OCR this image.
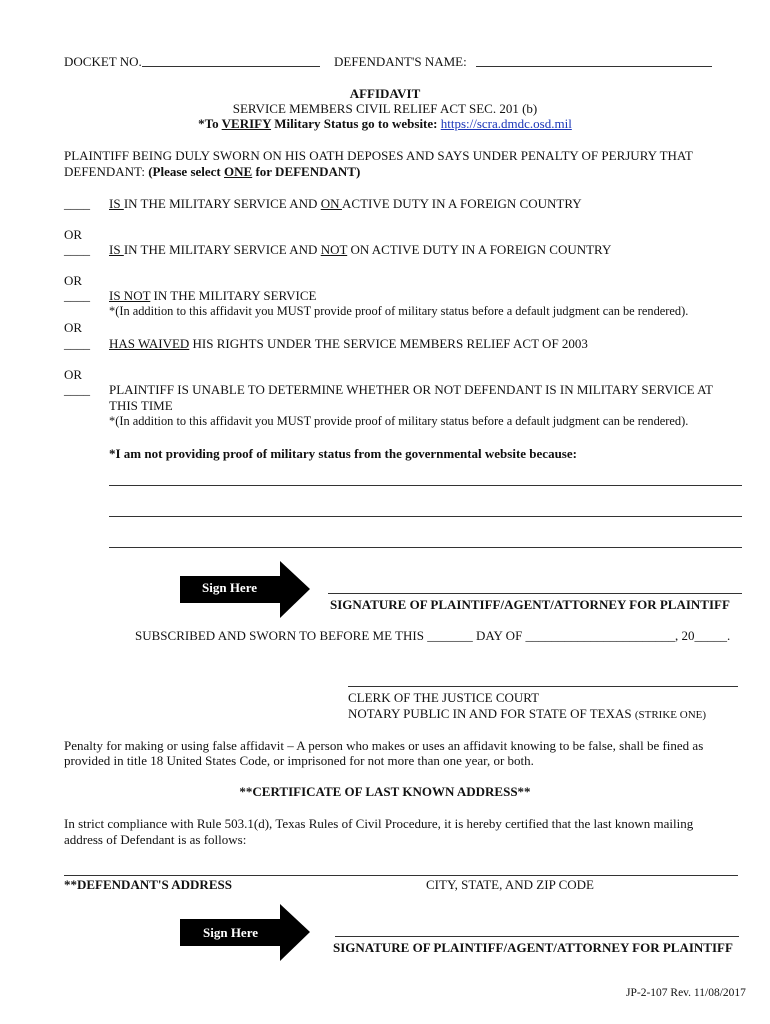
DOCKET NO.	DEFENDANT'S NAME:
AFFIDAVIT
SERVICE MEMBERS CIVIL RELIEF ACT SEC. 201 (b)
*To VERIFY Military Status go to website: https://scra.dmdc.osd.mil
PLAINTIFF BEING DULY SWORN ON HIS OATH DEPOSES AND SAYS UNDER PENALTY OF PERJURY THAT
DEFENDANT: (Please select ONE for DEFENDANT)
____ IS IN THE MILITARY SERVICE AND ON ACTIVE DUTY IN A FOREIGN COUNTRY
OR
____ IS IN THE MILITARY SERVICE AND NOT ON ACTIVE DUTY IN A FOREIGN COUNTRY
OR
____ IS NOT IN THE MILITARY SERVICE
*(In addition to this affidavit you MUST provide proof of military status before a default judgment can be rendered).
OR
____ HAS WAIVED HIS RIGHTS UNDER THE SERVICE MEMBERS RELIEF ACT OF 2003
OR
____ PLAINTIFF IS UNABLE TO DETERMINE WHETHER OR NOT DEFENDANT IS IN MILITARY SERVICE AT
THIS TIME
*(In addition to this affidavit you MUST provide proof of military status before a default judgment can be rendered).
*I am not providing proof of military status from the governmental website because:
Sign Here
SIGNATURE OF PLAINTIFF/AGENT/ATTORNEY FOR PLAINTIFF
SUBSCRIBED AND SWORN TO BEFORE ME THIS _______ DAY OF _______________________, 20_____.
CLERK OF THE JUSTICE COURT
NOTARY PUBLIC IN AND FOR STATE OF TEXAS (STRIKE ONE)
Penalty for making or using false affidavit – A person who makes or uses an affidavit knowing to be false, shall be fined as
provided in title 18 United States Code, or imprisoned for not more than one year, or both.
**CERTIFICATE OF LAST KNOWN ADDRESS**
In strict compliance with Rule 503.1(d), Texas Rules of Civil Procedure, it is hereby certified that the last known mailing
address of Defendant is as follows:
**DEFENDANT'S ADDRESS	CITY, STATE, AND ZIP CODE
Sign Here
SIGNATURE OF PLAINTIFF/AGENT/ATTORNEY FOR PLAINTIFF
JP-2-107 Rev. 11/08/2017
